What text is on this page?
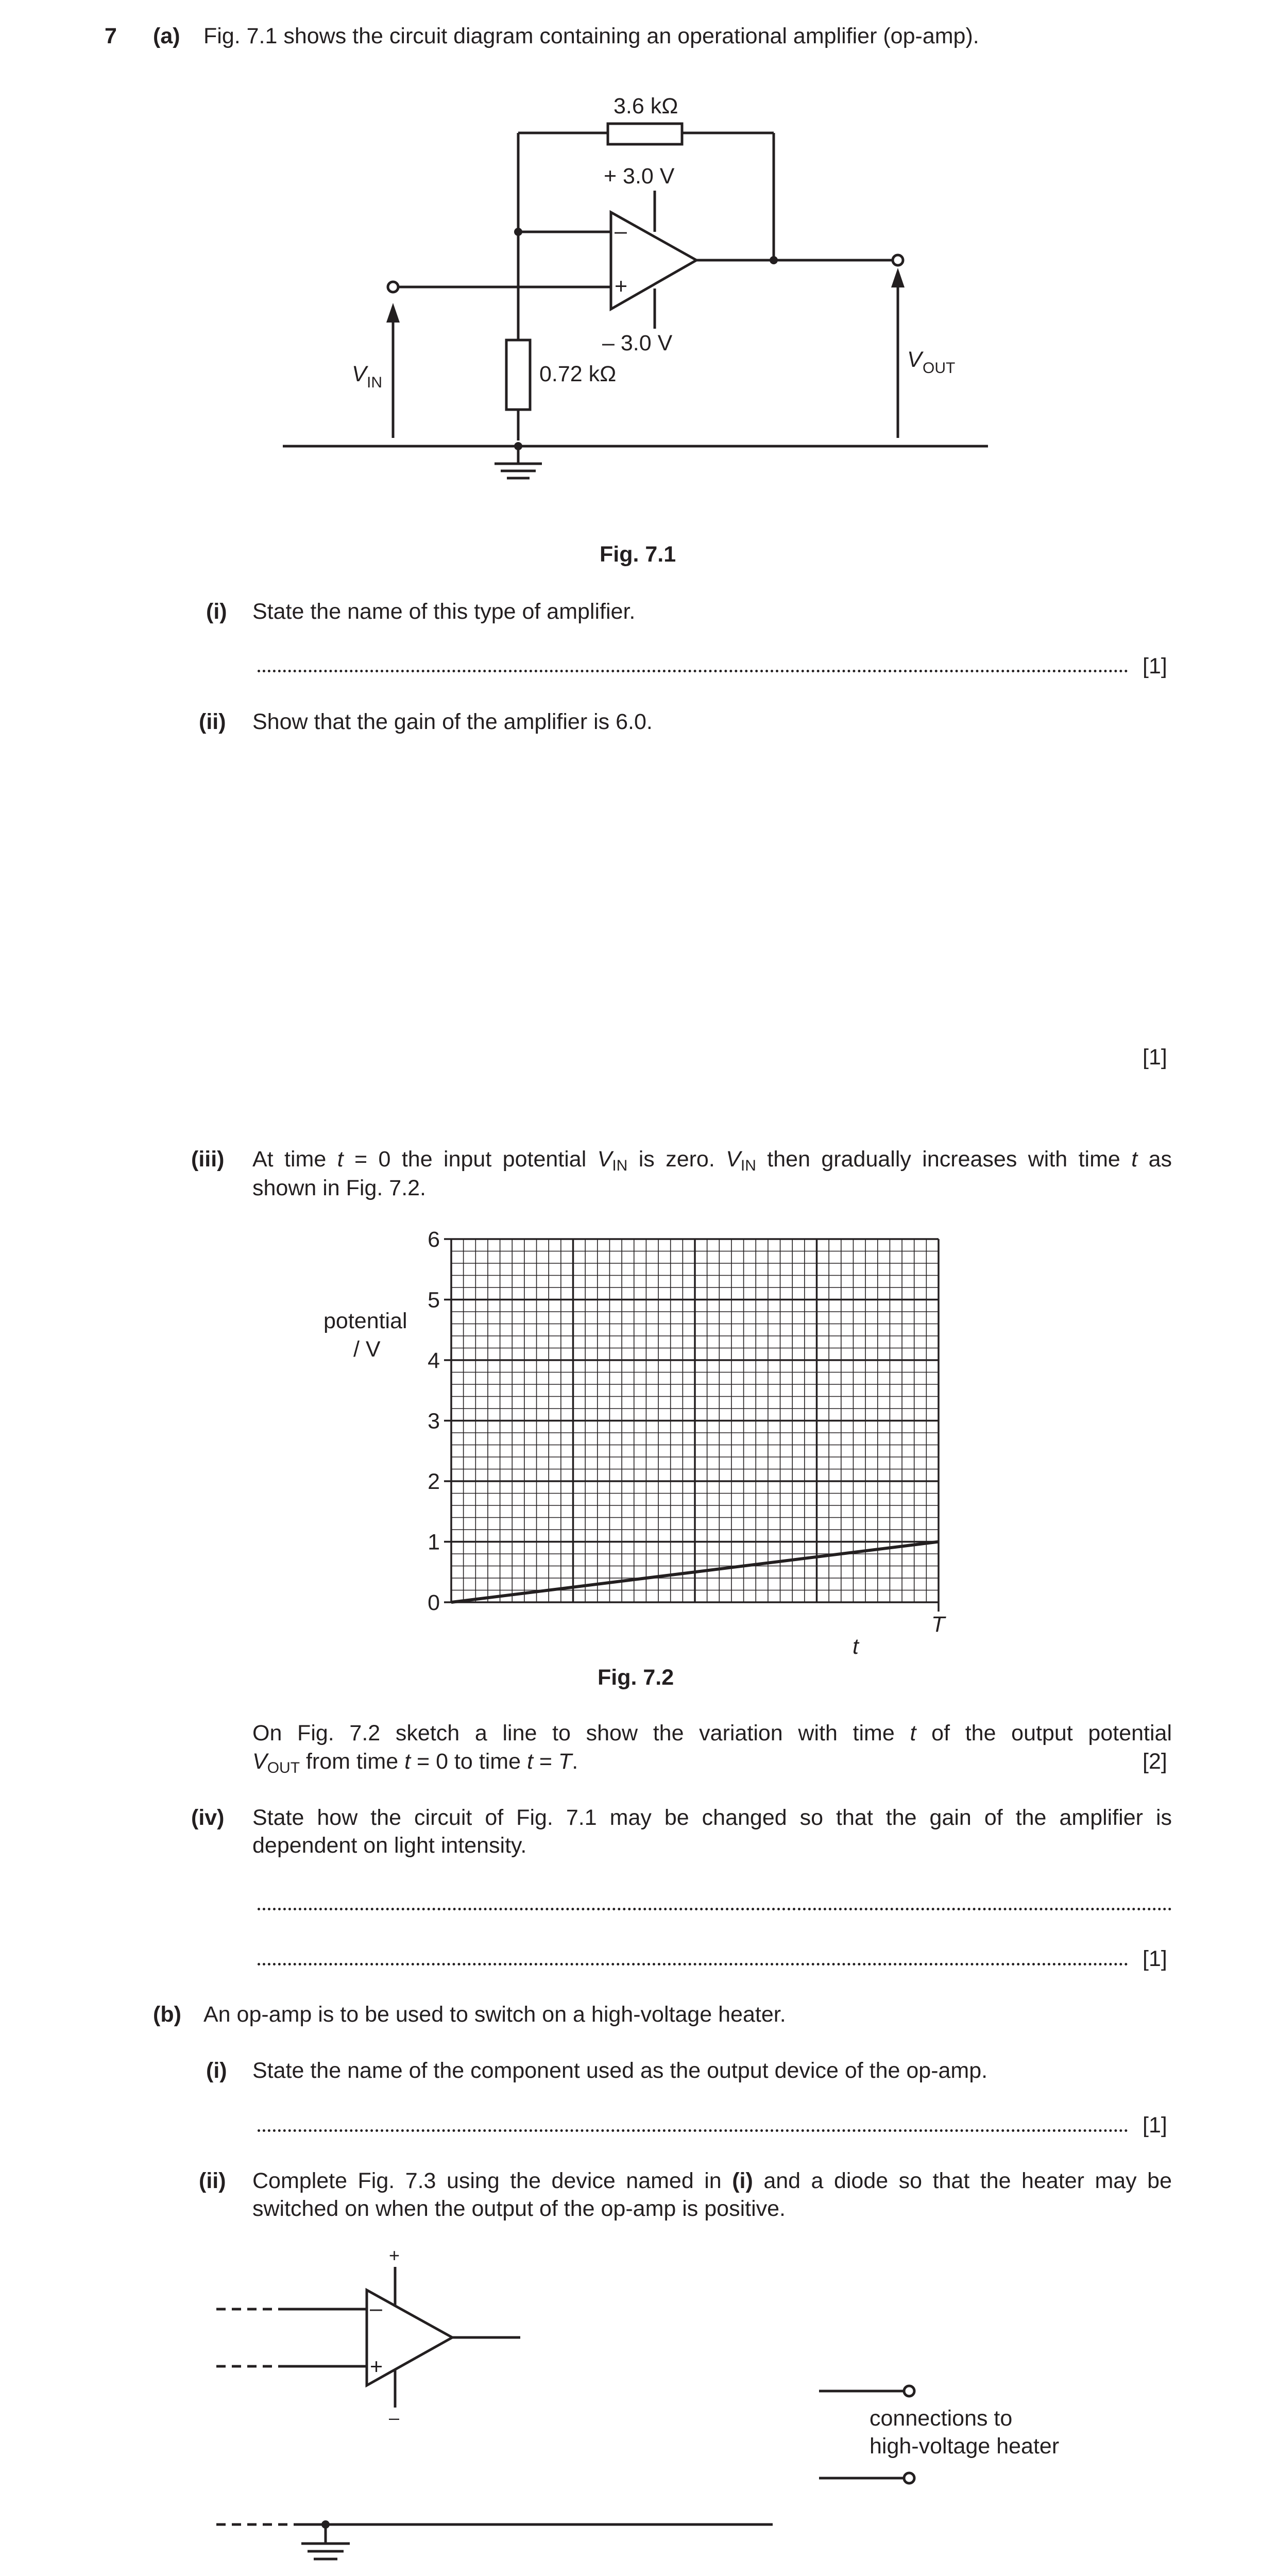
7 (a) Fig. 7.1 shows the circuit diagram containing an operational amplifier (op-amp).
3.6 kΩ
+ 3.0 V
– 3.0 V
0.72 kΩ
–
+
V IN
V OUT
Fig. 7.1
(i) State the name of this type of amplifier.
[1]
(ii) Show that the gain of the amplifier is 6.0.
[1]
(iii) At time t = 0 the input potential $V_{IN}$ is zero. $V_{IN}$ then gradually increases with time t as
shown in Fig. 7.2.
0
1
2
3
4
5
6
potential
/ V
t
T
Fig. 7.2
On Fig. 7.2 sketch a line to show the variation with time t of the output potential
$V_{OUT}$ from time t = 0 to time t = T.	[2]
(iv) State how the circuit of Fig. 7.1 may be changed so that the gain of the amplifier is
dependent on light intensity.
[1]
(b) An op-amp is to be used to switch on a high-voltage heater.
(i) State the name of the component used as the output device of the op-amp.
[1]
(ii) Complete Fig. 7.3 using the device named in (i) and a diode so that the heater may be
switched on when the output of the op-amp is positive.
+
–
–
+
connections to
high-voltage heater
